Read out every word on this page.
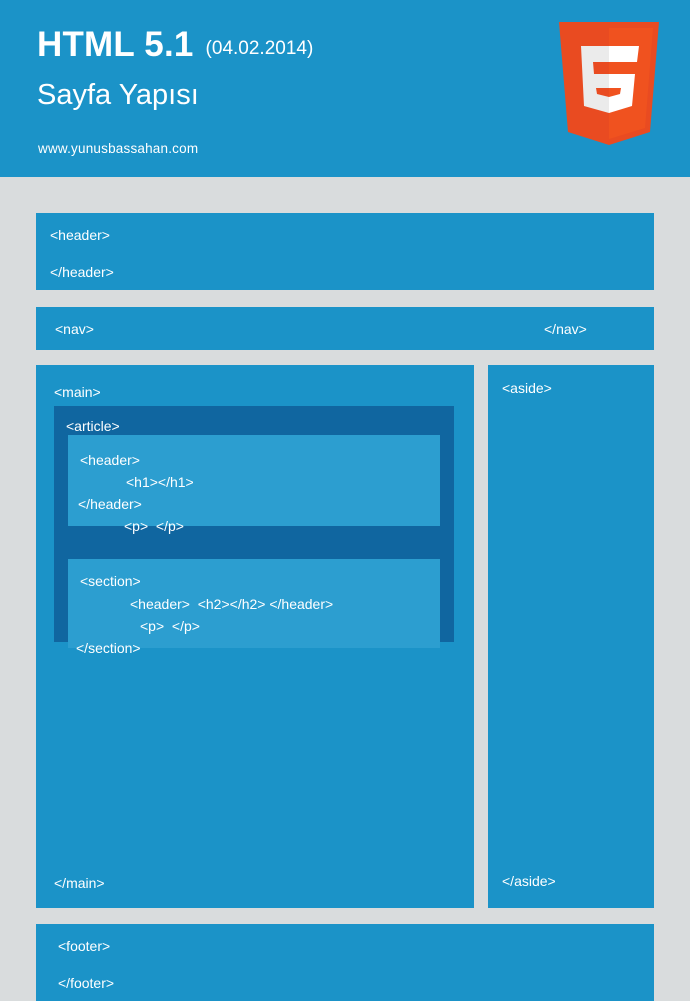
HTML 5.1 (04.02.2014)
Sayfa Yapısı
www.yunusbassahan.com
<header>
</header>
<nav>	</nav>
<main>
</main>
<aside>
</aside>
<article>
<header>
<h1></h1>
</header>
<p>  </p>
<section>
<header>  <h2></h2> </header>
<p>  </p>
</section>
<footer>
</footer>
